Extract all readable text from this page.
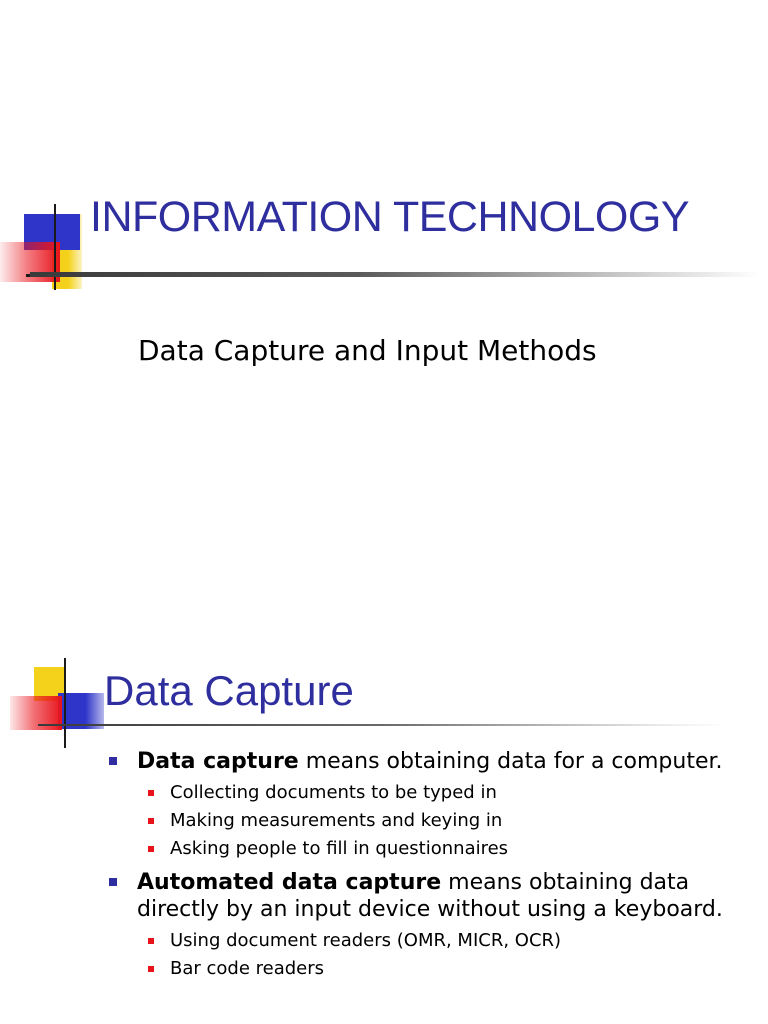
INFORMATION TECHNOLOGY
Data Capture and Input Methods
Data Capture
Data capture means obtaining data for a computer.
Collecting documents to be typed in
Making measurements and keying in
Asking people to fill in questionnaires
Automated data capture means obtaining data directly by an input device without using a keyboard.
Using document readers (OMR, MICR, OCR)
Bar code readers
